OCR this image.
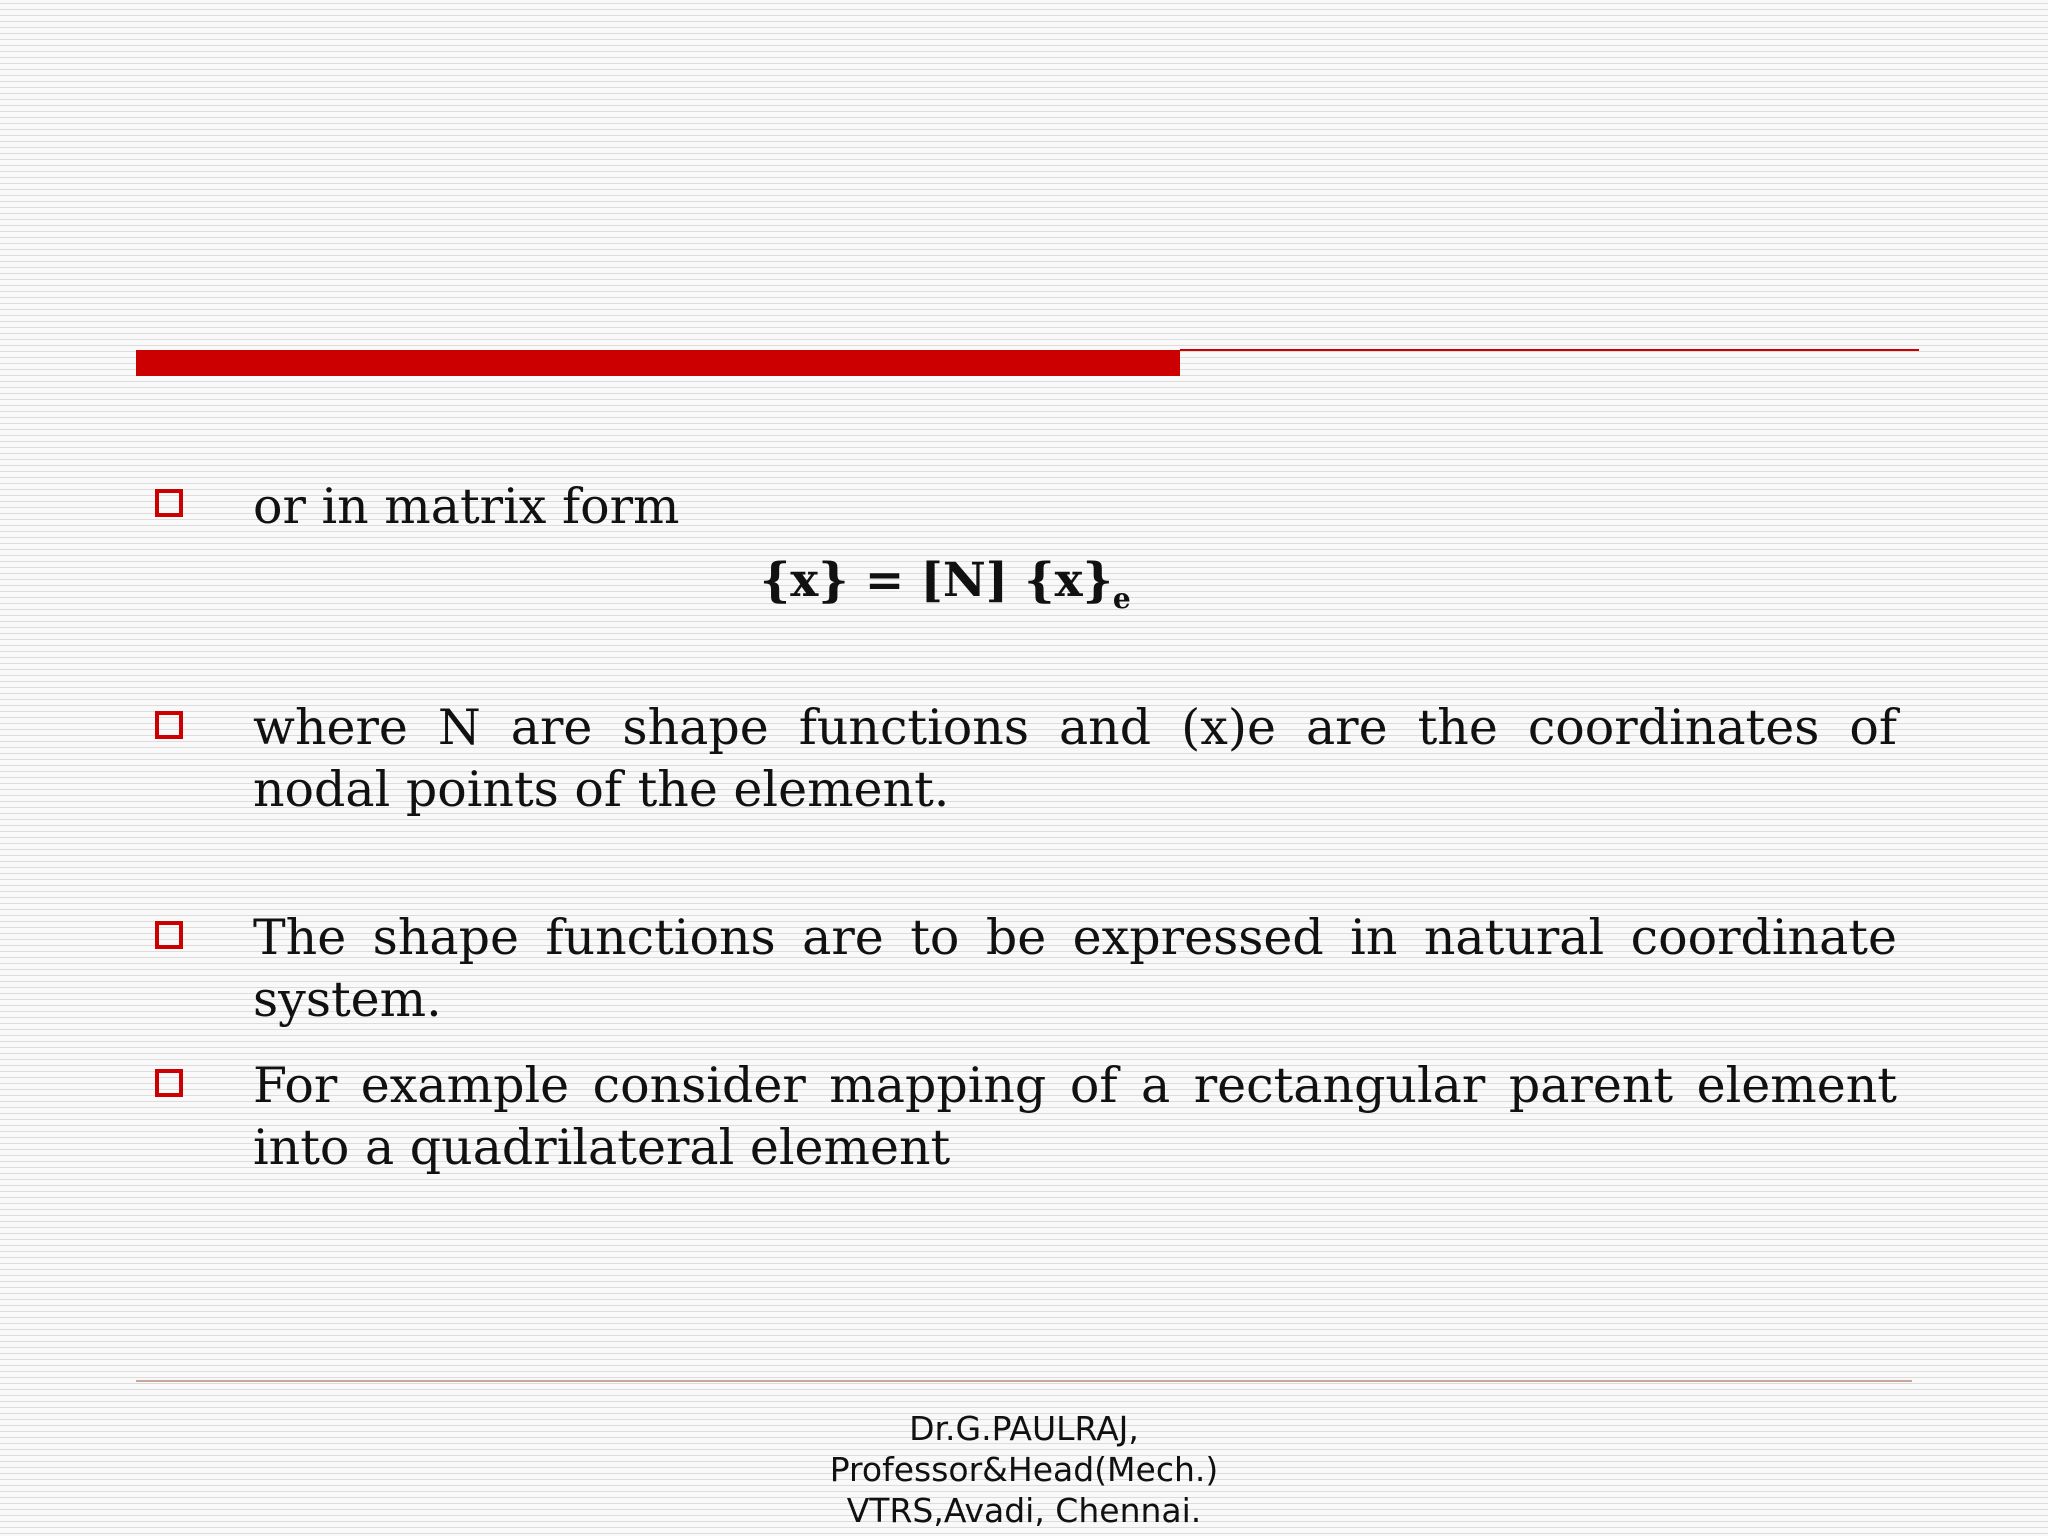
or in matrix form
{x} = [N] $\{x\}_e$
where N are shape functions and (x)e are the coordinates of nodal points of the element.
The shape functions are to be expressed in natural coordinate system.
For example consider mapping of a rectangular parent element into a quadrilateral element
Dr.G.PAULRAJ,
Professor&Head(Mech.)
VTRS,Avadi, Chennai.
